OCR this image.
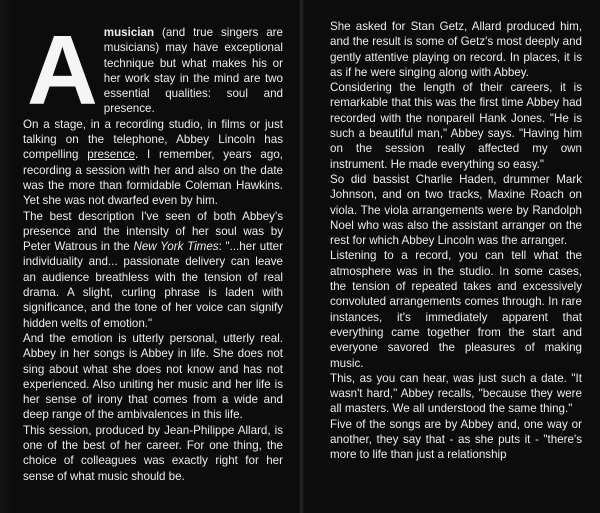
Amusician (and true singers are musicians) may have exceptional technique but what makes his or her work stay in the mind are two essential qualities: soul and presence.

On a stage, in a recording studio, in films or just talking on the telephone, Abbey Lincoln has compelling presence. I remember, years ago, recording a session with her and also on the date was the more than formidable Coleman Hawkins. Yet she was not dwarfed even by him.

The best description I've seen of both Abbey's presence and the intensity of her soul was by Peter Watrous in the New York Times: "...her utter individuality and... passionate delivery can leave an audience breathless with the tension of real drama. A slight, curling phrase is laden with significance, and the tone of her voice can signify hidden welts of emotion."

And the emotion is utterly personal, utterly real. Abbey in her songs is Abbey in life. She does not sing about what she does not know and has not experienced. Also uniting her music and her life is her sense of irony that comes from a wide and deep range of the ambivalences in this life.

This session, produced by Jean-Philippe Allard, is one of the best of her career. For one thing, the choice of colleagues was exactly right for her sense of what music should be.

She asked for Stan Getz, Allard produced him, and the result is some of Getz's most deeply and gently attentive playing on record. In places, it is as if he were singing along with Abbey.

Considering the length of their careers, it is remarkable that this was the first time Abbey had recorded with the nonpareil Hank Jones. "He is such a beautiful man," Abbey says. "Having him on the session really affected my own instrument. He made everything so easy."

So did bassist Charlie Haden, drummer Mark Johnson, and on two tracks, Maxine Roach on viola. The viola arrangements were by Randolph Noel who was also the assistant arranger on the rest for which Abbey Lincoln was the arranger.

Listening to a record, you can tell what the atmosphere was in the studio. In some cases, the tension of repeated takes and excessively convoluted arrangements comes through. In rare instances, it's immediately apparent that everything came together from the start and everyone savored the pleasures of making music.

This, as you can hear, was just such a date. "It wasn't hard," Abbey recalls, "because they were all masters. We all understood the same thing."

Five of the songs are by Abbey and, one way or another, they say that - as she puts it - "there's more to life than just a relationship
